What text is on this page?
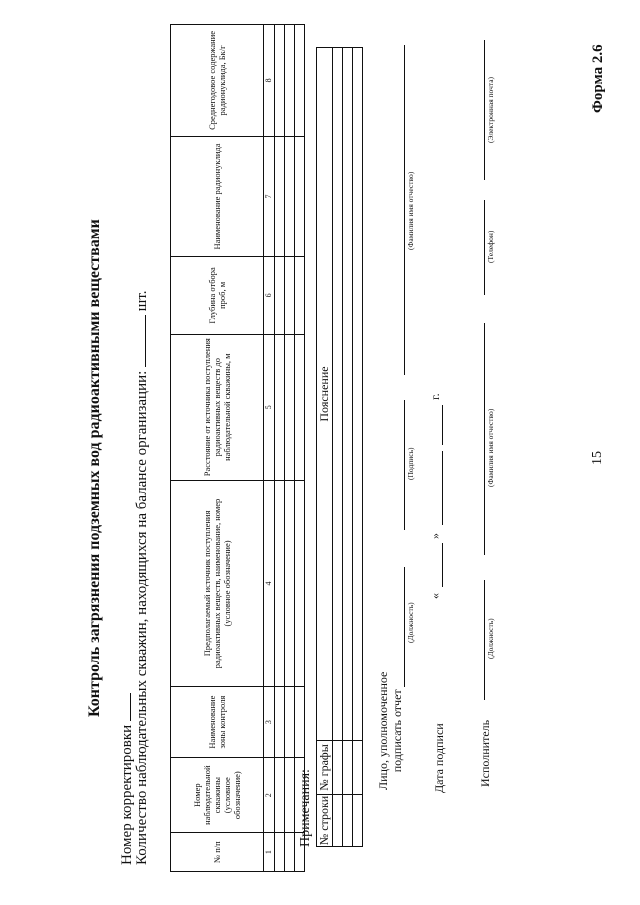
15
Форма 2.6
Контроль загрязнения подземных вод радиоактивными веществами
Номер корректировки Количество наблюдательных скважин, находящихся на балансе организации:  шт.
№ п/п	Номер наблюдательной скважины (условное обозначение)	Наименование зоны контроля	Предполагаемый источник поступления радиоактивных веществ, наименование, номер (условное обозначение)	Расстояние от источника поступления радиоактивных веществ до наблюдательной скважины, м	Глубина отбора проб, м	Наименование радионуклида	Среднегодовое содержание радионуклида, Бк/г
1	2	3	4	5	6	7	8

Примечания: № строки	№ графы	Пояснение

Лицо, уполномоченное подписать отчет
(Должность)
(Подпись)
(Фамилия имя отчество)
Дата подписи
«
»
г.
Исполнитель
(Должность)
(Фамилия имя отчество)
(Телефон)
(Электронная почта)
